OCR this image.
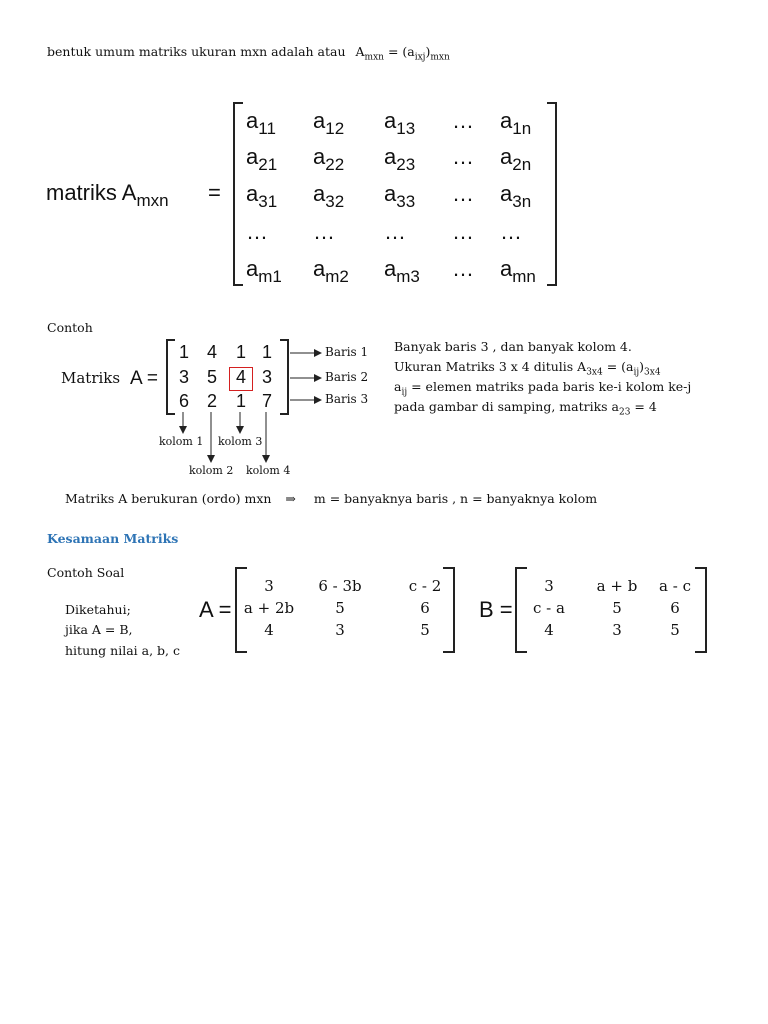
bentuk umum matriks ukuran mxn adalah atau $A_{mxn} = (a_{ixj})_{mxn}$
matriks $A_{mxn}$ =
$a_{11}$	$a_{12}$	$a_{13}$	…	$a_{1n}$
$a_{21}$	$a_{22}$	$a_{23}$	…	$a_{2n}$
$a_{31}$	$a_{32}$	$a_{33}$	…	$a_{3n}$
…	…	…	…	…
$a_{m1}$	$a_{m2}$	$a_{m3}$	…	$a_{mn}$
Contoh
Matriks A =
1 4	1 1
3 5	4 3
6 2	1 7
Baris 1
Baris 2
Baris 3
kolom 1
kolom 2
kolom 3
kolom 4
Banyak baris 3 , dan banyak kolom 4.
Ukuran Matriks 3 x 4 ditulis $A_{3x4} = (a_{ij})_{3x4}$
$a_{ij}$ = elemen matriks pada baris ke-i kolom ke-j
pada gambar di samping, matriks $a_{23} = 4$
Matriks A berukuran (ordo) mxn ⇒ m = banyaknya baris , n = banyaknya kolom
Kesamaan Matriks
Contoh Soal
Diketahui;
jika A = B,
hitung nilai a, b, c
A =
3	6 - 3b	c - 2
a + 2b	5	6
4	3	5
B =
3	a + b	a - c
c - a	5	6
4	3	5
